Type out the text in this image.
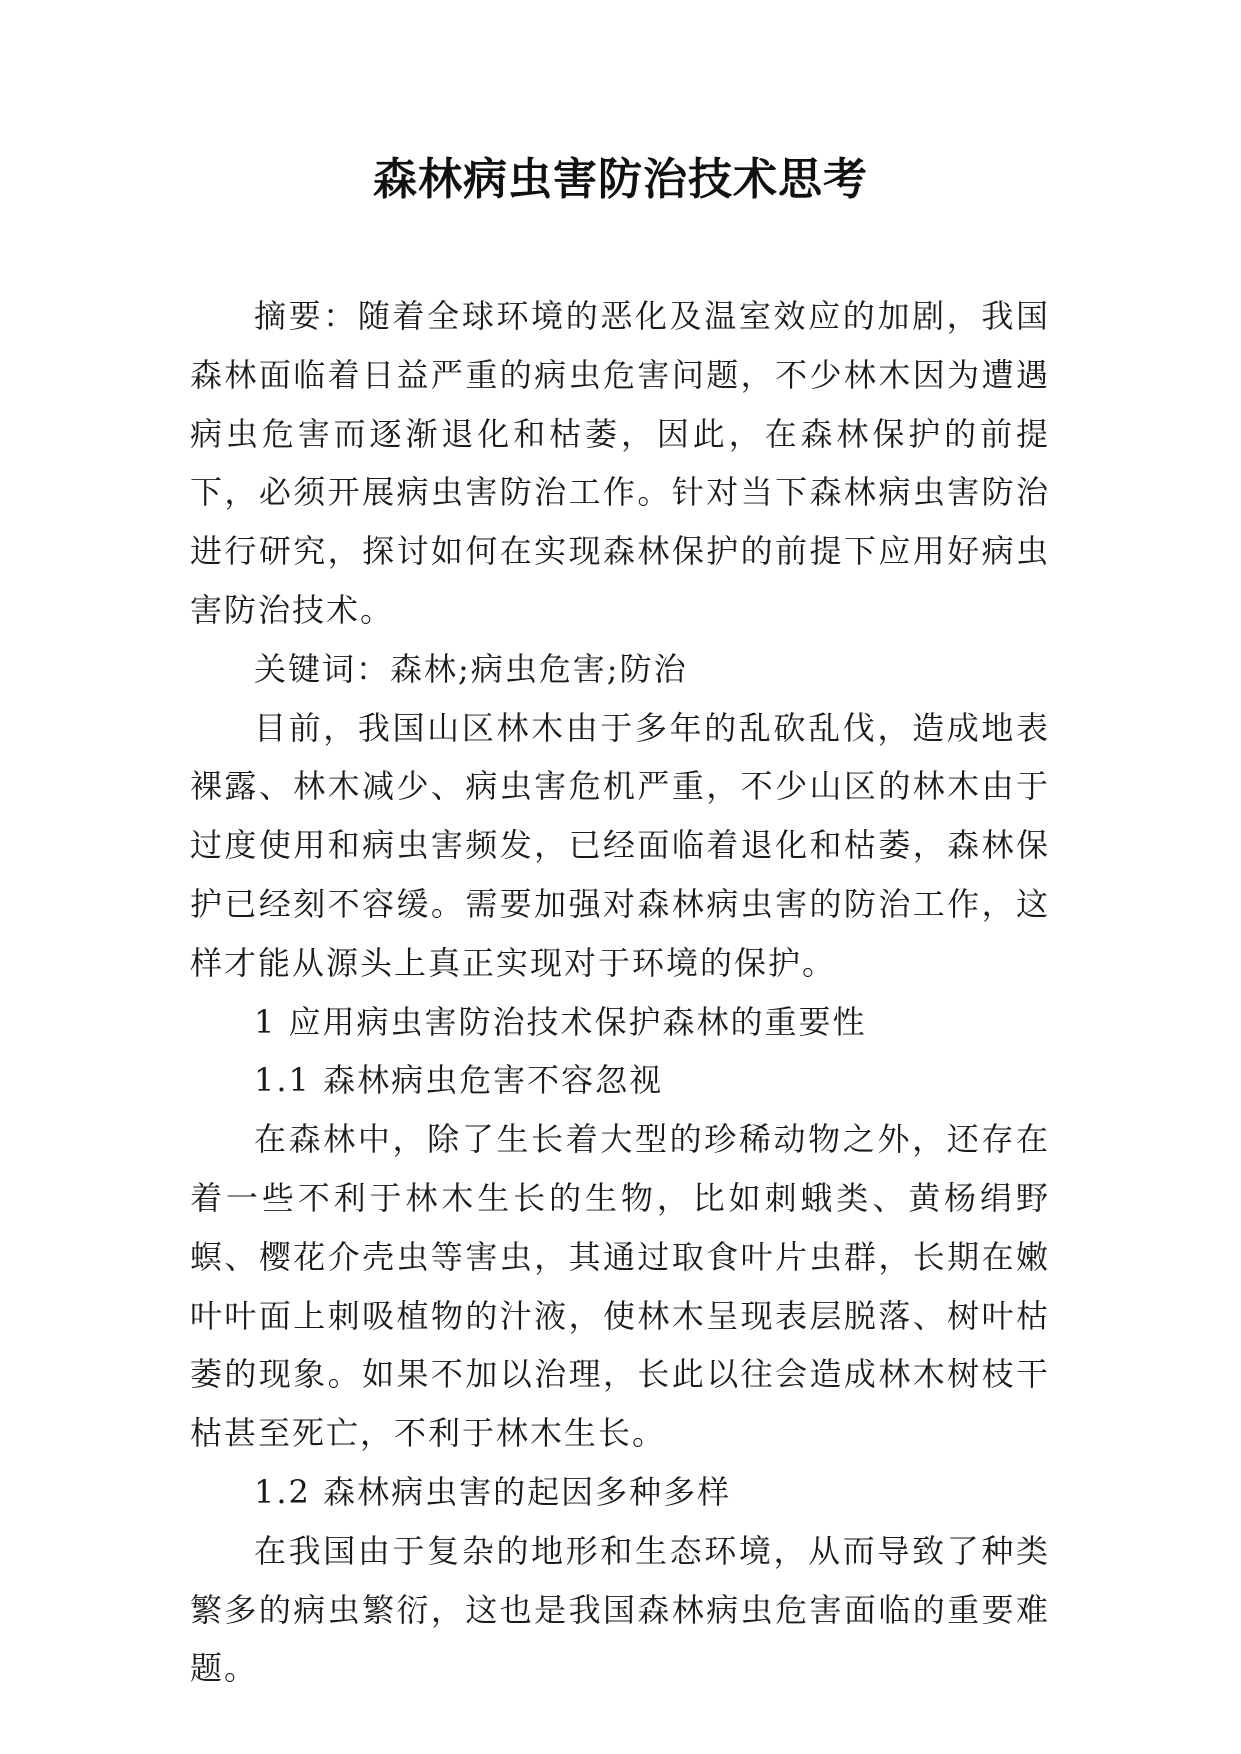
森林病虫害防治技术思考

摘要：随着全球环境的恶化及温室效应的加剧，我国森林面临着日益严重的病虫危害问题，不少林木因为遭遇病虫危害而逐渐退化和枯萎，因此，在森林保护的前提下，必须开展病虫害防治工作。针对当下森林病虫害防治进行研究，探讨如何在实现森林保护的前提下应用好病虫害防治技术。

关键词：森林;病虫危害;防治

目前，我国山区林木由于多年的乱砍乱伐，造成地表裸露、林木减少、病虫害危机严重，不少山区的林木由于过度使用和病虫害频发，已经面临着退化和枯萎，森林保护已经刻不容缓。需要加强对森林病虫害的防治工作，这样才能从源头上真正实现对于环境的保护。

1 应用病虫害防治技术保护森林的重要性

1.1 森林病虫危害不容忽视

在森林中，除了生长着大型的珍稀动物之外，还存在着一些不利于林木生长的生物，比如刺蛾类、黄杨绢野螟、樱花介壳虫等害虫，其通过取食叶片虫群，长期在嫩叶叶面上刺吸植物的汁液，使林木呈现表层脱落、树叶枯萎的现象。如果不加以治理，长此以往会造成林木树枝干枯甚至死亡，不利于林木生长。

1.2 森林病虫害的起因多种多样

在我国由于复杂的地形和生态环境，从而导致了种类繁多的病虫繁衍，这也是我国森林病虫危害面临的重要难题。
